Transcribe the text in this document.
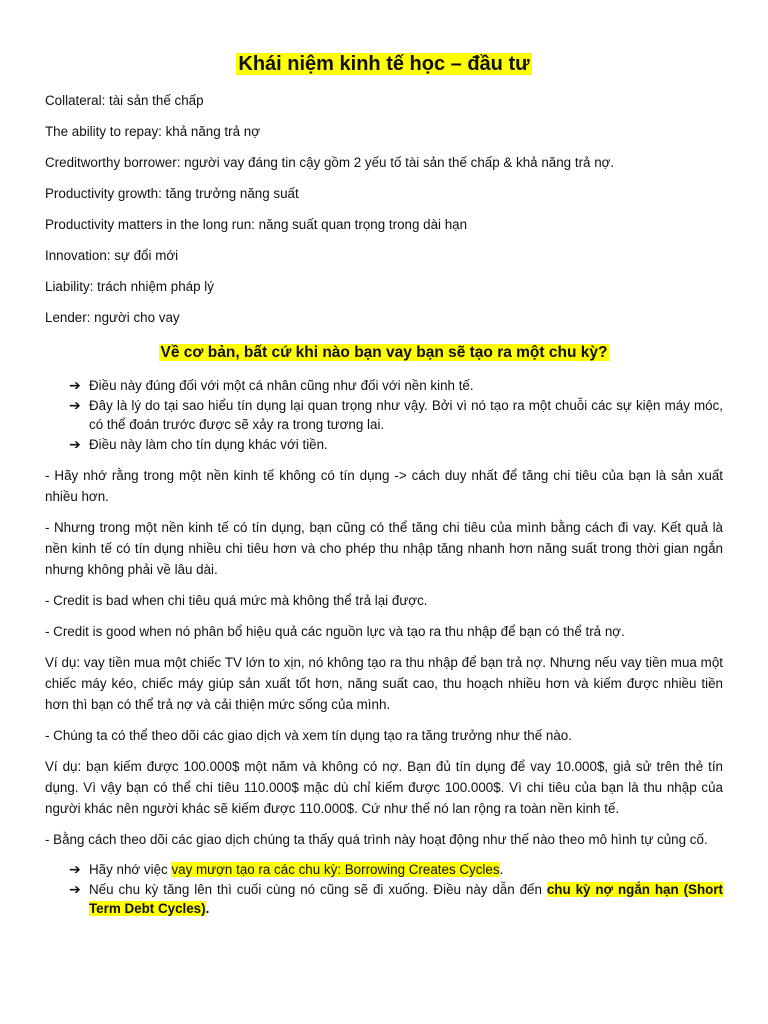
Khái niệm kinh tế học – đầu tư
Collateral: tài sản thế chấp
The ability to repay: khả năng trả nợ
Creditworthy borrower: người vay đáng tin cậy gồm 2 yếu tố tài sản thế chấp & khả năng trả nợ.
Productivity growth: tăng trưởng năng suất
Productivity matters in the long run: năng suất quan trọng trong dài hạn
Innovation: sự đổi mới
Liability: trách nhiệm pháp lý
Lender: người cho vay
Về cơ bản, bất cứ khi nào bạn vay bạn sẽ tạo ra một chu kỳ?
➔ Điều này đúng đối với một cá nhân cũng như đối với nền kinh tế.
➔ Đây là lý do tại sao hiểu tín dụng lại quan trọng như vậy. Bởi vì nó tạo ra một chuỗi các sự kiện máy móc, có thể đoán trước được sẽ xảy ra trong tương lai.
➔ Điều này làm cho tín dụng khác với tiền.

- Hãy nhớ rằng trong một nền kinh tế không có tín dụng -> cách duy nhất để tăng chi tiêu của bạn là sản xuất nhiều hơn.

- Nhưng trong một nền kinh tế có tín dụng, bạn cũng có thể tăng chi tiêu của mình bằng cách đi vay. Kết quả là nền kinh tế có tín dụng nhiều chi tiêu hơn và cho phép thu nhập tăng nhanh hơn năng suất trong thời gian ngắn nhưng không phải về lâu dài.

- Credit is bad when chi tiêu quá mức mà không thể trả lại được.

- Credit is good when nó phân bổ hiệu quả các nguồn lực và tạo ra thu nhập để bạn có thể trả nợ.

Ví dụ: vay tiền mua một chiếc TV lớn to xịn, nó không tạo ra thu nhập để bạn trả nợ. Nhưng nếu vay tiền mua một chiếc máy kéo, chiếc máy giúp sản xuất tốt hơn, năng suất cao, thu hoạch nhiều hơn và kiếm được nhiều tiền hơn thì bạn có thể trả nợ và cải thiện mức sống của mình.

- Chúng ta có thể theo dõi các giao dịch và xem tín dụng tạo ra tăng trưởng như thế nào.

Ví dụ: bạn kiếm được 100.000$ một năm và không có nợ. Bạn đủ tín dụng để vay 10.000$, giả sử trên thẻ tín dụng. Vì vậy bạn có thể chi tiêu 110.000$ mặc dù chỉ kiếm được 100.000$. Vì chi tiêu của bạn là thu nhập của người khác nên người khác sẽ kiếm được 110.000$. Cứ như thế nó lan rộng ra toàn nền kinh tế.

- Bằng cách theo dõi các giao dịch chúng ta thấy quá trình này hoạt động như thế nào theo mô hình tự củng cố.

➔ Hãy nhớ việc vay mượn tạo ra các chu kỳ: Borrowing Creates Cycles.
➔ Nếu chu kỳ tăng lên thì cuối cùng nó cũng sẽ đi xuống. Điều này dẫn đến chu kỳ nợ ngắn hạn (Short Term Debt Cycles).
